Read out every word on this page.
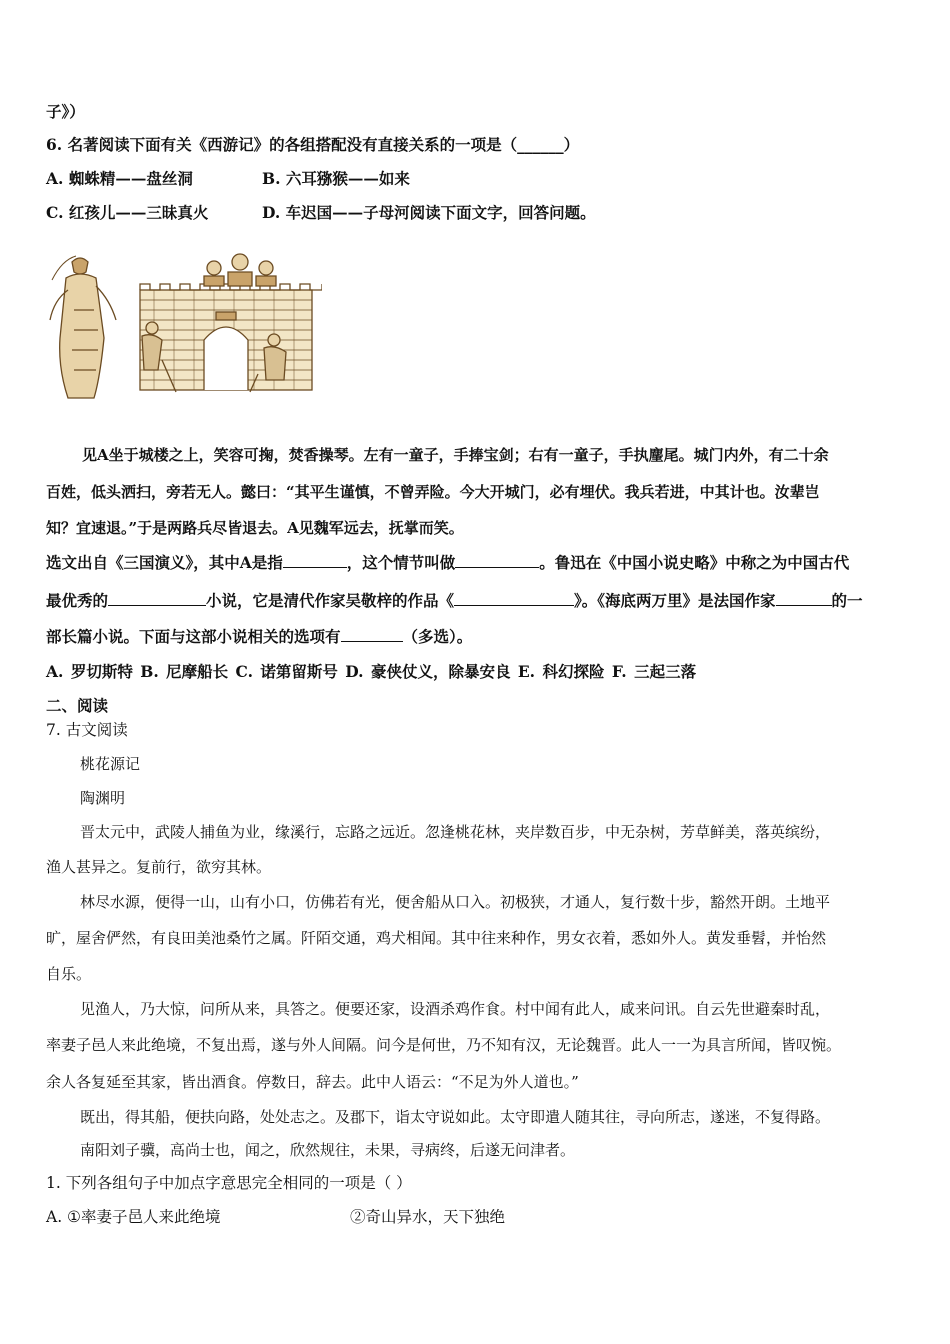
子》）
6. 名著阅读下面有关《西游记》的各组搭配没有直接关系的一项是（______）
A. 蜘蛛精——盘丝洞	B. 六耳猕猴——如来
C. 红孩儿——三昧真火	D. 车迟国——子母河阅读下面文字，回答问题。
见A坐于城楼之上，笑容可掬，焚香操琴。左有一童子，手捧宝剑；右有一童子，手执麈尾。城门内外，有二十余
百姓，低头洒扫，旁若无人。懿曰：“其平生谨慎，不曾弄险。今大开城门，必有埋伏。我兵若进，中其计也。汝辈岂
知？宜速退。”于是两路兵尽皆退去。A见魏军远去，抚掌而笑。
选文出自《三国演义》，其中A是指	，这个情节叫做	。鲁迅在《中国小说史略》中称之为中国古代
最优秀的	小说，它是清代作家吴敬梓的作品《	》。《海底两万里》是法国作家	的一
部长篇小说。下面与这部小说相关的选项有	（多选）。
A. 罗切斯特 B. 尼摩船长 C. 诺第留斯号 D. 豪侠仗义，除暴安良 E. 科幻探险 F. 三起三落
二、阅读
7. 古文阅读
桃花源记
陶渊明
晋太元中，武陵人捕鱼为业，缘溪行，忘路之远近。忽逢桃花林，夹岸数百步，中无杂树，芳草鲜美，落英缤纷，
渔人甚异之。复前行，欲穷其林。
林尽水源，便得一山，山有小口，仿佛若有光，便舍船从口入。初极狭，才通人，复行数十步，豁然开朗。土地平
旷，屋舍俨然，有良田美池桑竹之属。阡陌交通，鸡犬相闻。其中往来种作，男女衣着，悉如外人。黄发垂髫，并怡然
自乐。
见渔人，乃大惊，问所从来，具答之。便要还家，设酒杀鸡作食。村中闻有此人，咸来问讯。自云先世避秦时乱，
率妻子邑人来此绝境，不复出焉，遂与外人间隔。问今是何世，乃不知有汉，无论魏晋。此人一一为具言所闻，皆叹惋。
余人各复延至其家，皆出酒食。停数日，辞去。此中人语云：“不足为外人道也。”
既出，得其船，便扶向路，处处志之。及郡下，诣太守说如此。太守即遣人随其往，寻向所志，遂迷，不复得路。
南阳刘子骥，高尚士也，闻之，欣然规往，未果，寻病终，后遂无问津者。
1. 下列各组句子中加点字意思完全相同的一项是（ ）
A. ①率妻子邑人来此绝境	②奇山异水，天下独绝
